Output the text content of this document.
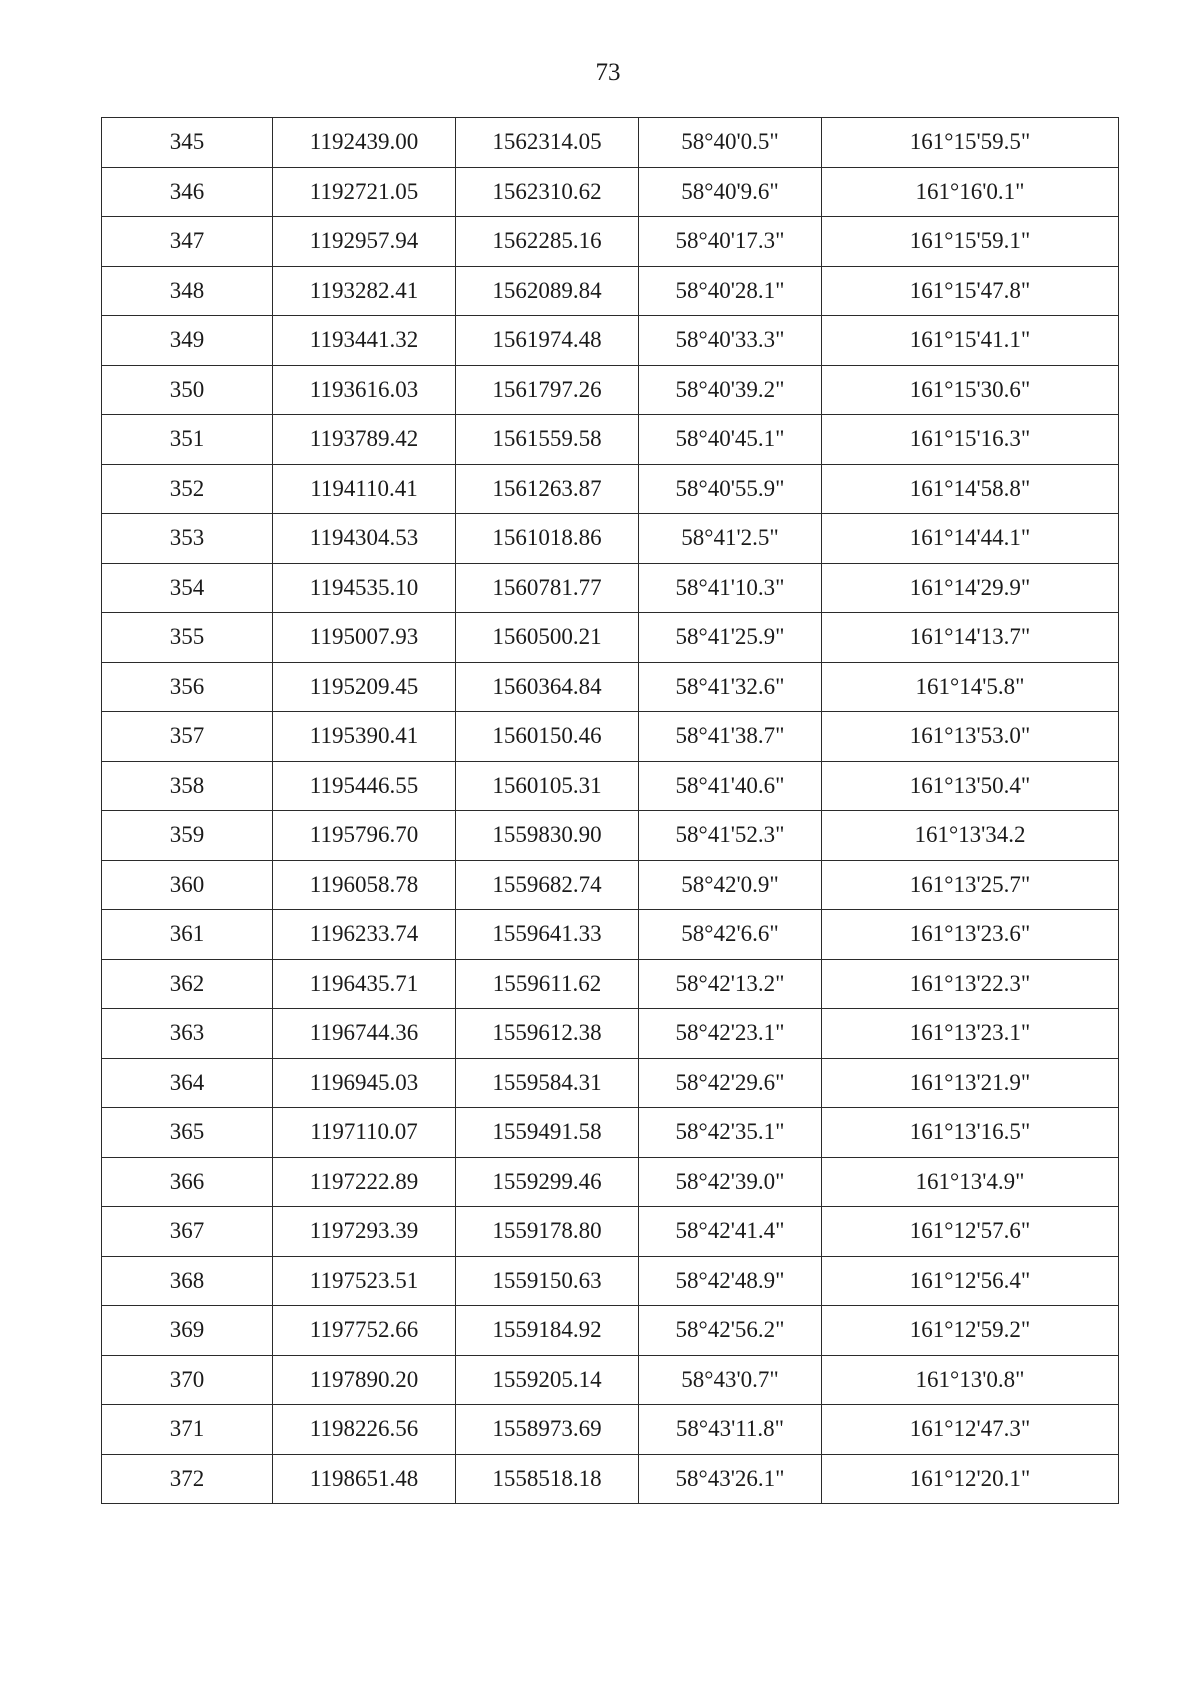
73
345	1192439.00	1562314.05	58°40'0.5"	161°15'59.5"
346	1192721.05	1562310.62	58°40'9.6"	161°16'0.1"
347	1192957.94	1562285.16	58°40'17.3"	161°15'59.1"
348	1193282.41	1562089.84	58°40'28.1"	161°15'47.8"
349	1193441.32	1561974.48	58°40'33.3"	161°15'41.1"
350	1193616.03	1561797.26	58°40'39.2"	161°15'30.6"
351	1193789.42	1561559.58	58°40'45.1"	161°15'16.3"
352	1194110.41	1561263.87	58°40'55.9"	161°14'58.8"
353	1194304.53	1561018.86	58°41'2.5"	161°14'44.1"
354	1194535.10	1560781.77	58°41'10.3"	161°14'29.9"
355	1195007.93	1560500.21	58°41'25.9"	161°14'13.7"
356	1195209.45	1560364.84	58°41'32.6"	161°14'5.8"
357	1195390.41	1560150.46	58°41'38.7"	161°13'53.0"
358	1195446.55	1560105.31	58°41'40.6"	161°13'50.4"
359	1195796.70	1559830.90	58°41'52.3"	161°13'34.2
360	1196058.78	1559682.74	58°42'0.9"	161°13'25.7"
361	1196233.74	1559641.33	58°42'6.6"	161°13'23.6"
362	1196435.71	1559611.62	58°42'13.2"	161°13'22.3"
363	1196744.36	1559612.38	58°42'23.1"	161°13'23.1"
364	1196945.03	1559584.31	58°42'29.6"	161°13'21.9"
365	1197110.07	1559491.58	58°42'35.1"	161°13'16.5"
366	1197222.89	1559299.46	58°42'39.0"	161°13'4.9"
367	1197293.39	1559178.80	58°42'41.4"	161°12'57.6"
368	1197523.51	1559150.63	58°42'48.9"	161°12'56.4"
369	1197752.66	1559184.92	58°42'56.2"	161°12'59.2"
370	1197890.20	1559205.14	58°43'0.7"	161°13'0.8"
371	1198226.56	1558973.69	58°43'11.8"	161°12'47.3"
372	1198651.48	1558518.18	58°43'26.1"	161°12'20.1"
